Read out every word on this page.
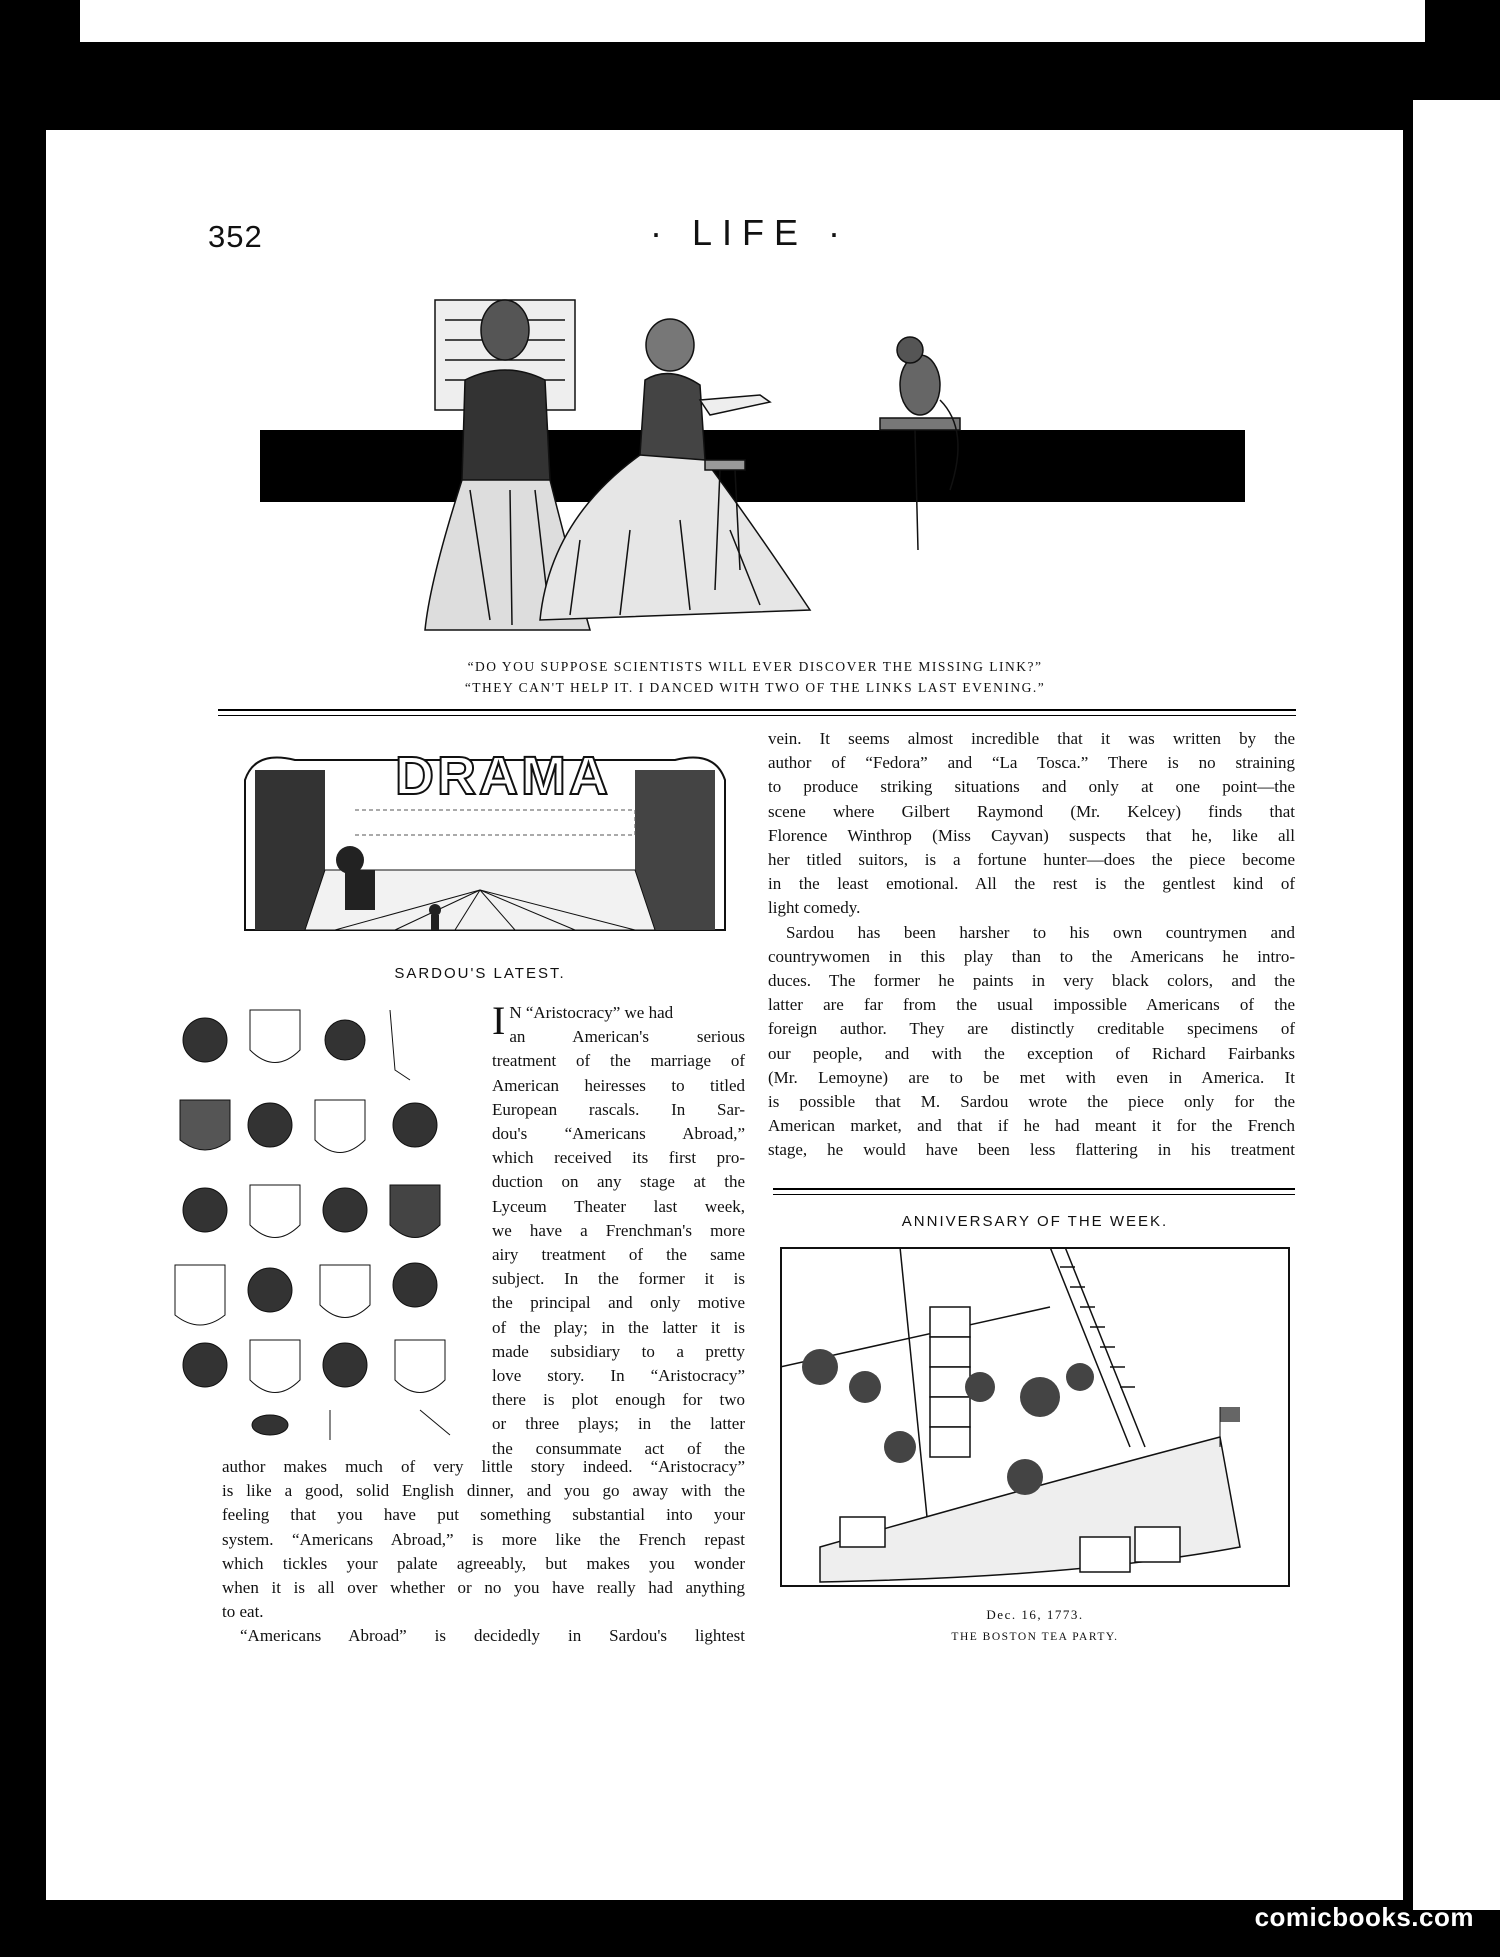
352	· LIFE ·
“DO YOU SUPPOSE SCIENTISTS WILL EVER DISCOVER THE MISSING LINK?”
“THEY CAN'T HELP IT. I DANCED WITH TWO OF THE LINKS LAST EVENING.”
DRAMA
SARDOU'S LATEST.
I N “Aristocracy” we had
an American's serious
treatment of the marriage of
American heiresses to titled
European rascals. In Sar-
dou's “Americans Abroad,”
which received its first pro-
duction on any stage at the
Lyceum Theater last week,
we have a Frenchman's more
airy treatment of the same
subject. In the former it is
the principal and only motive
of the play; in the latter it is
made subsidiary to a pretty
love story. In “Aristocracy”
there is plot enough for two
or three plays; in the latter
the consummate act of the
author makes much of very little story indeed. “Aristocracy”
is like a good, solid English dinner, and you go away with the
feeling that you have put something substantial into your
system. “Americans Abroad,” is more like the French repast
which tickles your palate agreeably, but makes you wonder
when it is all over whether or no you have really had anything
to eat.
“Americans Abroad” is decidedly in Sardou's lightest
vein. It seems almost incredible that it was written by the
author of “Fedora” and “La Tosca.” There is no straining
to produce striking situations and only at one point—the
scene where Gilbert Raymond (Mr. Kelcey) finds that
Florence Winthrop (Miss Cayvan) suspects that he, like all
her titled suitors, is a fortune hunter—does the piece become
in the least emotional. All the rest is the gentlest kind of
light comedy.
Sardou has been harsher to his own countrymen and
countrywomen in this play than to the Americans he intro-
duces. The former he paints in very black colors, and the
latter are far from the usual impossible Americans of the
foreign author. They are distinctly creditable specimens of
our people, and with the exception of Richard Fairbanks
(Mr. Lemoyne) are to be met with even in America. It
is possible that M. Sardou wrote the piece only for the
American market, and that if he had meant it for the French
stage, he would have been less flattering in his treatment
ANNIVERSARY OF THE WEEK.
Dec. 16, 1773.
THE BOSTON TEA PARTY.
comicbooks.com
